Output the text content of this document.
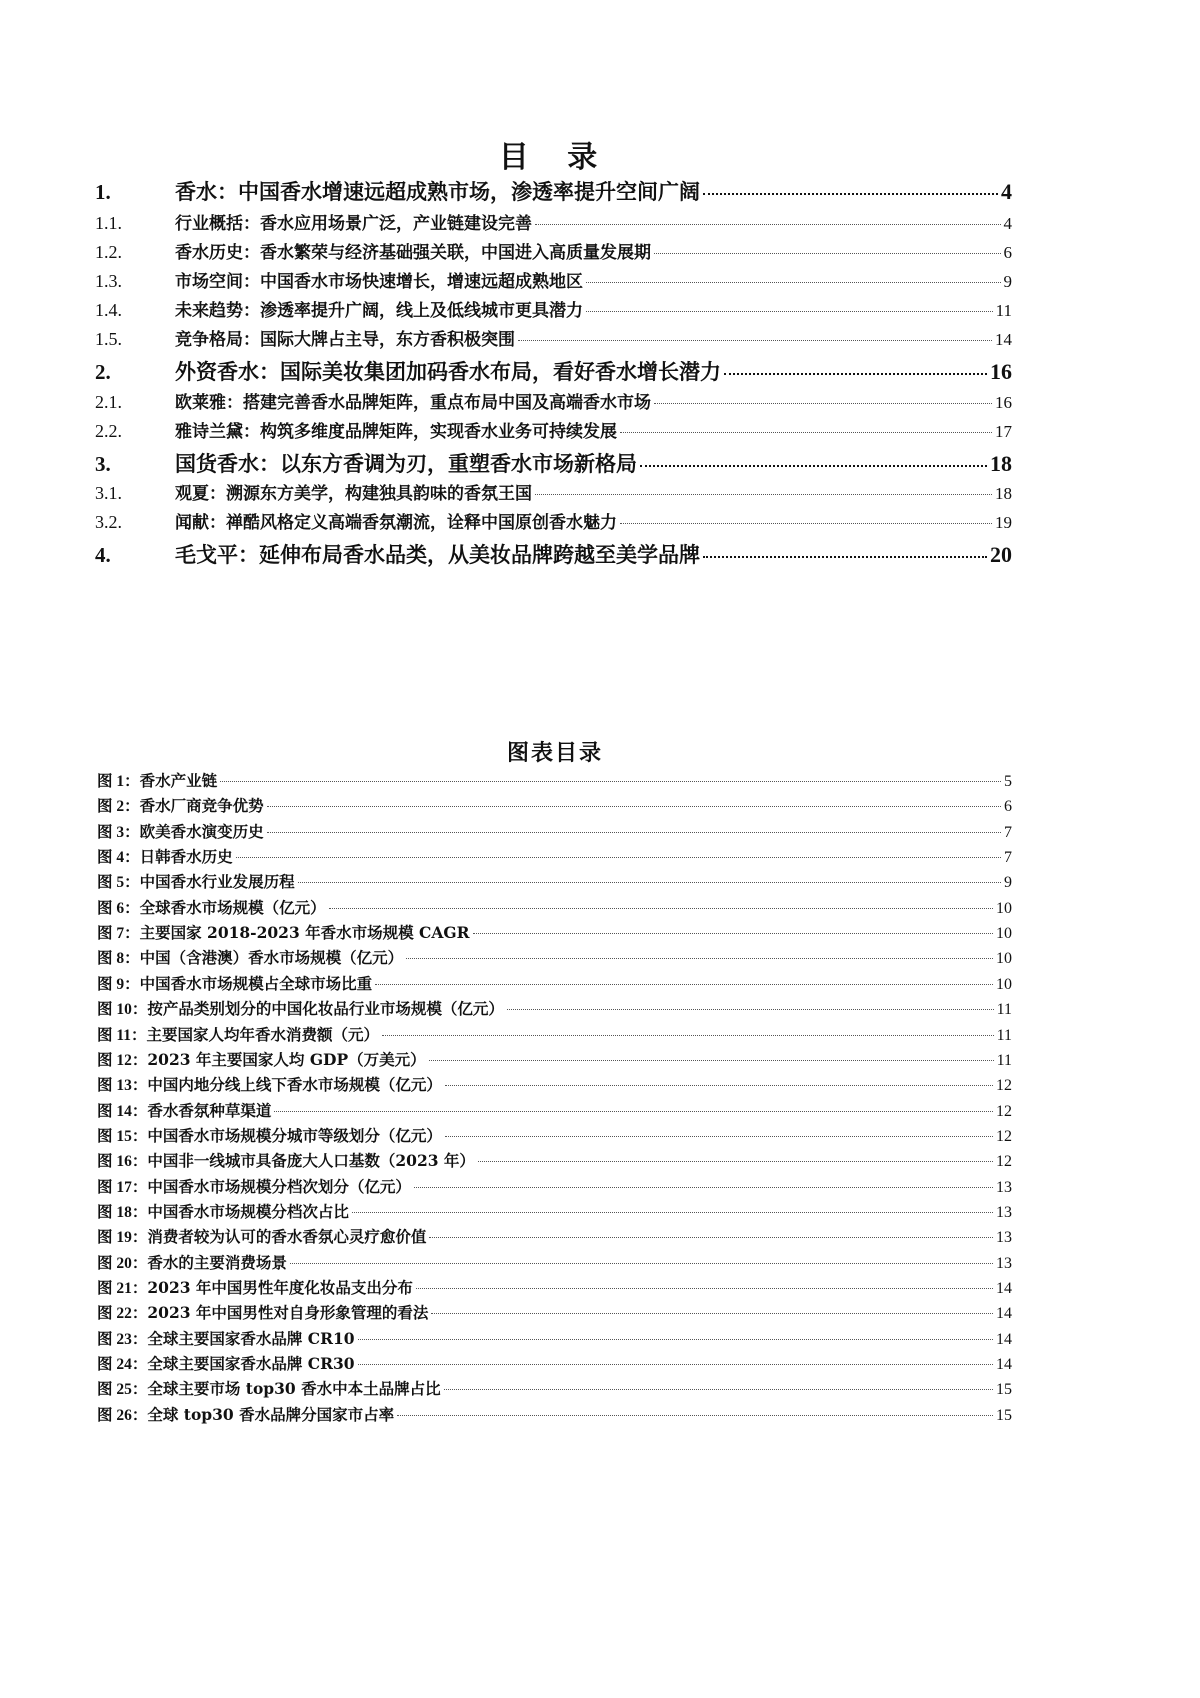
目 录
1.	香水：中国香水增速远超成熟市场，渗透率提升空间广阔	4
1.1.	行业概括：香水应用场景广泛，产业链建设完善	4
1.2.	香水历史：香水繁荣与经济基础强关联，中国进入高质量发展期	6
1.3.	市场空间：中国香水市场快速增长，增速远超成熟地区	9
1.4.	未来趋势：渗透率提升广阔，线上及低线城市更具潜力	11
1.5.	竞争格局：国际大牌占主导，东方香积极突围	14
2.	外资香水：国际美妆集团加码香水布局，看好香水增长潜力	16
2.1.	欧莱雅：搭建完善香水品牌矩阵，重点布局中国及高端香水市场	16
2.2.	雅诗兰黛：构筑多维度品牌矩阵，实现香水业务可持续发展	17
3.	国货香水：以东方香调为刃，重塑香水市场新格局	18
3.1.	观夏：溯源东方美学，构建独具韵味的香氛王国	18
3.2.	闻献：禅酷风格定义高端香氛潮流，诠释中国原创香水魅力	19
4.	毛戈平：延伸布局香水品类，从美妆品牌跨越至美学品牌	20
图表目录
图 1： 香水产业链	5
图 2： 香水厂商竞争优势	6
图 3： 欧美香水演变历史	7
图 4： 日韩香水历史	7
图 5： 中国香水行业发展历程	9
图 6： 全球香水市场规模（亿元）	10
图 7： 主要国家 2018-2023 年香水市场规模 CAGR	10
图 8： 中国（含港澳）香水市场规模（亿元）	10
图 9： 中国香水市场规模占全球市场比重	10
图 10： 按产品类别划分的中国化妆品行业市场规模（亿元）	11
图 11： 主要国家人均年香水消费额（元）	11
图 12： 2023 年主要国家人均 GDP（万美元）	11
图 13： 中国内地分线上线下香水市场规模（亿元）	12
图 14： 香水香氛种草渠道	12
图 15： 中国香水市场规模分城市等级划分（亿元）	12
图 16： 中国非一线城市具备庞大人口基数（2023 年）	12
图 17： 中国香水市场规模分档次划分（亿元）	13
图 18： 中国香水市场规模分档次占比	13
图 19： 消费者较为认可的香水香氛心灵疗愈价值	13
图 20： 香水的主要消费场景	13
图 21： 2023 年中国男性年度化妆品支出分布	14
图 22： 2023 年中国男性对自身形象管理的看法	14
图 23： 全球主要国家香水品牌 CR10	14
图 24： 全球主要国家香水品牌 CR30	14
图 25： 全球主要市场 top30 香水中本土品牌占比	15
图 26： 全球 top30 香水品牌分国家市占率	15
